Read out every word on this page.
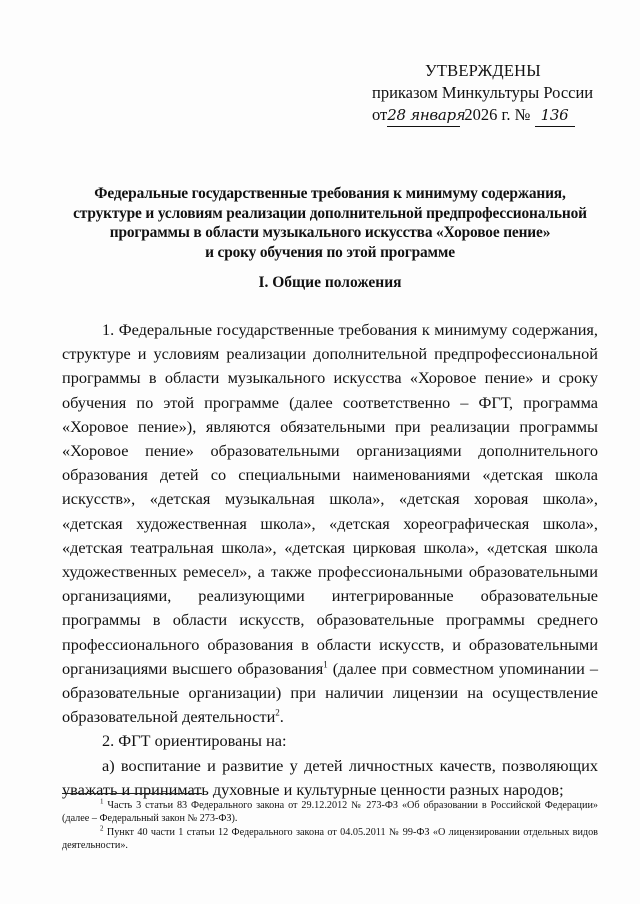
УТВЕРЖДЕНЫ
приказом Минкультуры России
от28 января 2026 г. № 136
Федеральные государственные требования к минимуму содержания,
структуре и условиям реализации дополнительной предпрофессиональной
программы в области музыкального искусства «Хоровое пение»
и сроку обучения по этой программе
I. Общие положения

1. Федеральные государственные требования к минимуму содержания, структуре и условиям реализации дополнительной предпрофессиональной программы в области музыкального искусства «Хоровое пение» и сроку обучения по этой программе (далее соответственно – ФГТ, программа «Хоровое пение»), являются обязательными при реализации программы «Хоровое пение» образовательными организациями дополнительного образования детей со специальными наименованиями «детская школа искусств», «детская музыкальная школа», «детская хоровая школа», «детская художественная школа», «детская хореографическая школа», «детская театральная школа», «детская цирковая школа», «детская школа художественных ремесел», а также профессиональными образовательными организациями, реализующими интегрированные образовательные программы в области искусств, образовательные программы среднего профессионального образования в области искусств, и образовательными организациями высшего образования$^1$ (далее при совместном упоминании – образовательные организации) при наличии лицензии на осуществление образовательной деятельности$^2$.

2. ФГТ ориентированы на:

а) воспитание и развитие у детей личностных качеств, позволяющих уважать и принимать духовные и культурные ценности разных народов;

$^1$ Часть 3 статьи 83 Федерального закона от 29.12.2012 № 273-ФЗ «Об образовании в Российской Федерации» (далее – Федеральный закон № 273-ФЗ).

$^2$ Пункт 40 части 1 статьи 12 Федерального закона от 04.05.2011 № 99-ФЗ «О лицензировании отдельных видов деятельности».
